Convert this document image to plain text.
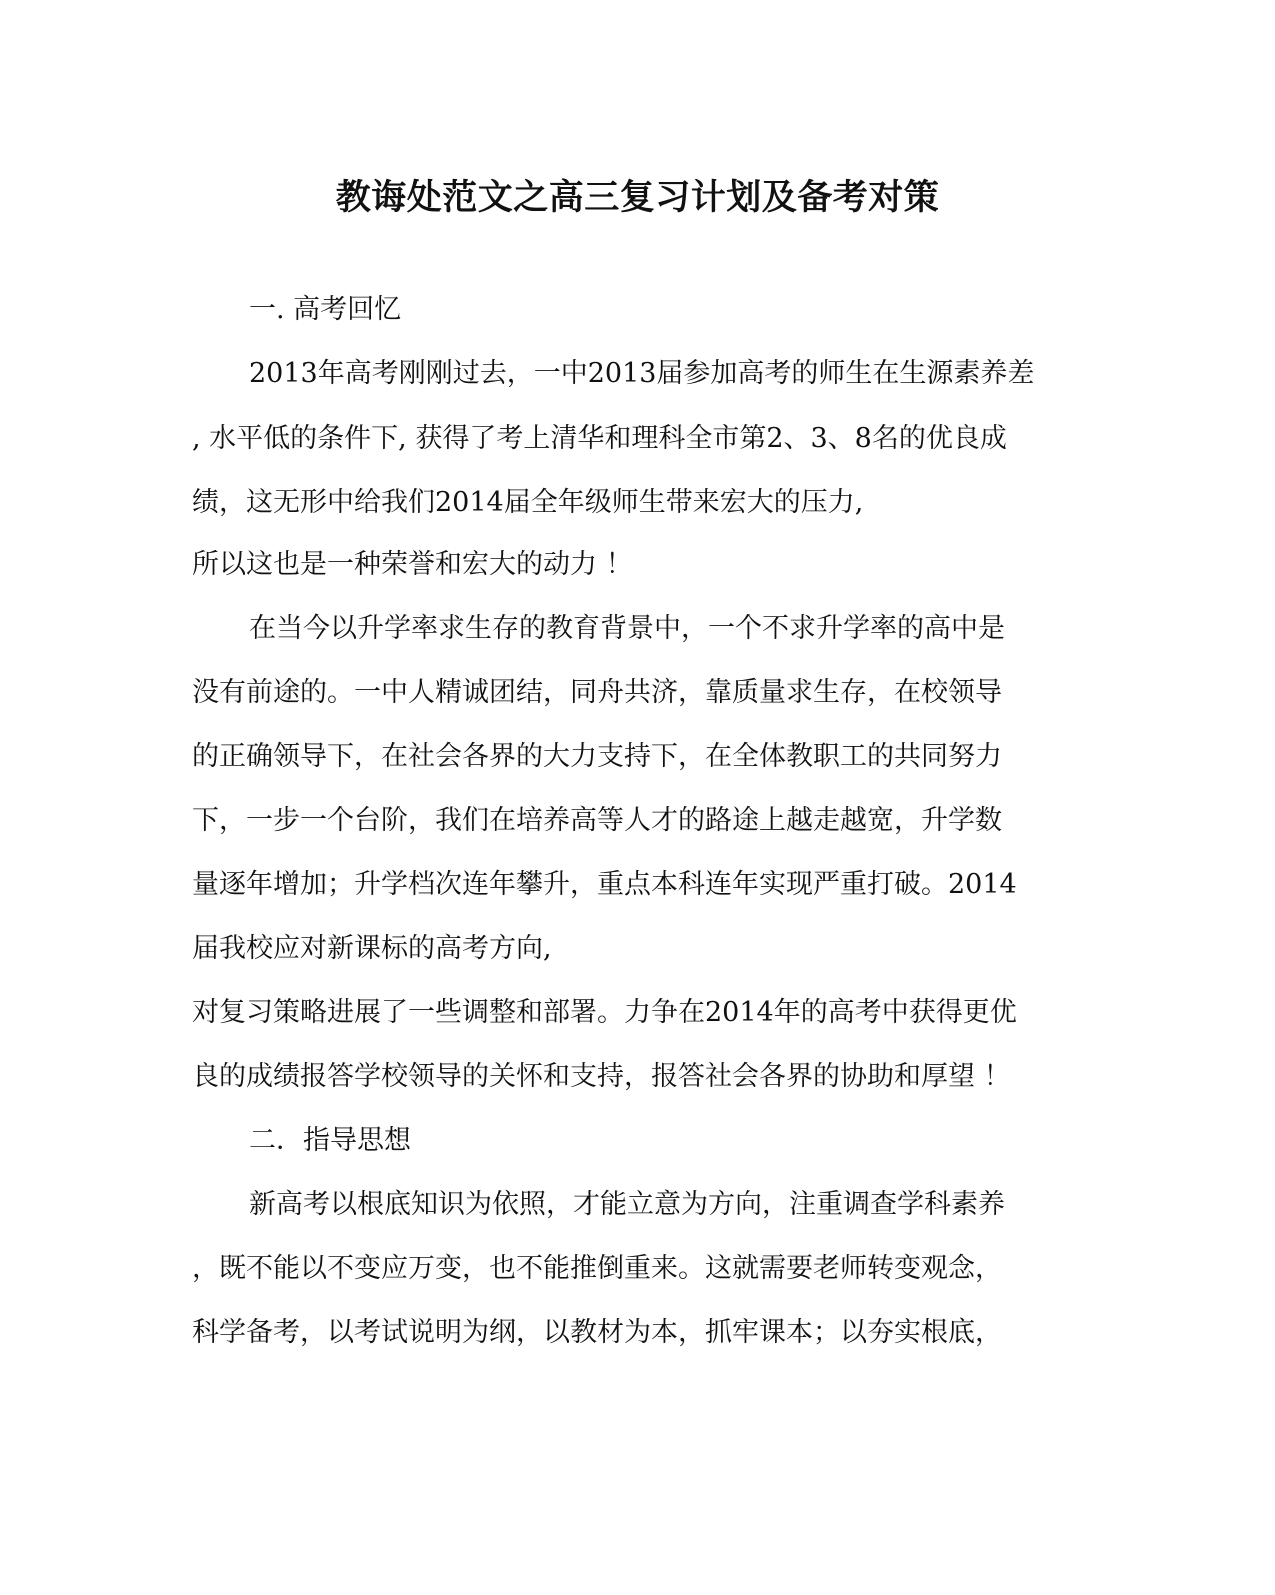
教诲处范文之高三复习计划及备考对策
一. 高考回忆
2013年高考刚刚过去，一中2013届参加高考的师生在生源素养差
, 水平低的条件下, 获得了考上清华和理科全市第2、3、8名的优良成
绩，这无形中给我们2014届全年级师生带来宏大的压力,
所以这也是一种荣誉和宏大的动力 ！
在当今以升学率求生存的教育背景中，一个不求升学率的高中是
没有前途的。一中人精诚团结，同舟共济，靠质量求生存，在校领导
的正确领导下，在社会各界的大力支持下，在全体教职工的共同努力
下，一步一个台阶，我们在培养高等人才的路途上越走越宽，升学数
量逐年增加；升学档次连年攀升，重点本科连年实现严重打破。2014
届我校应对新课标的高考方向,
对复习策略进展了一些调整和部署。力争在2014年的高考中获得更优
良的成绩报答学校领导的关怀和支持，报答社会各界的协助和厚望 ！
二．指导思想
新高考以根底知识为依照，才能立意为方向，注重调查学科素养
，既不能以不变应万变，也不能推倒重来。这就需要老师转变观念，
科学备考，以考试说明为纲，以教材为本，抓牢课本；以夯实根底，
